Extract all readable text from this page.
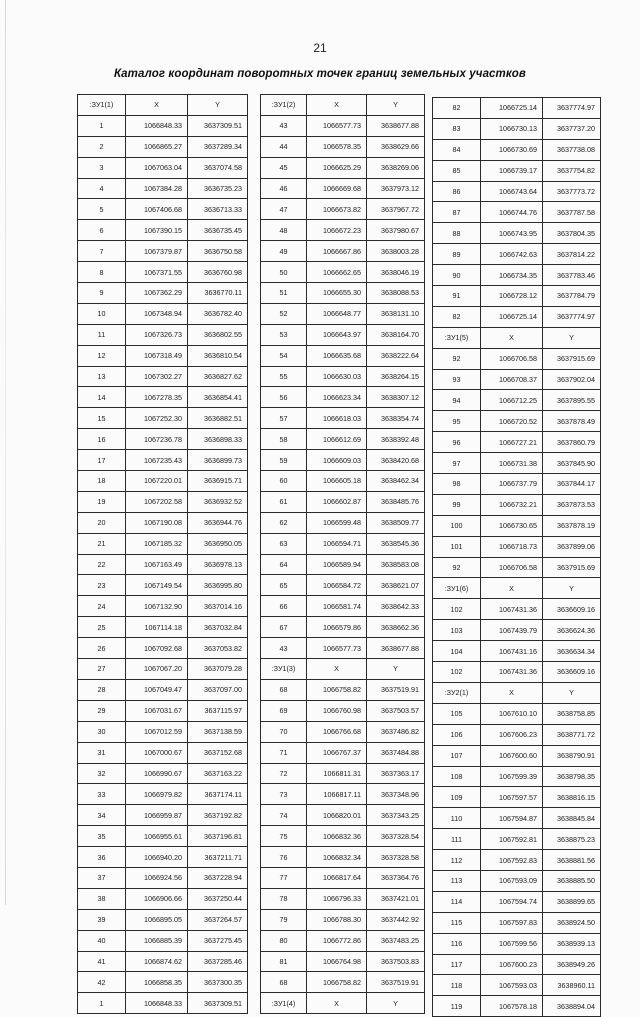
21
Каталог координат поворотных точек границ земельных участков
:ЗУ1(1)	X	Y
1	1066848.33	3637309.51
2	1066865.27	3637289.34
3	1067063.04	3637074.58
4	1067384.28	3636735.23
5	1067406.68	3636713.33
6	1067390.15	3636735.45
7	1067379.87	3636750.58
8	1067371.55	3636760.98
9	1067362.29	3636770.11
10	1067348.94	3636782.40
11	1067326.73	3636802.55
12	1067318.49	3636810.54
13	1067302.27	3636827.62
14	1067278.35	3636854.41
15	1067252.30	3636882.51
16	1067236.78	3636898.33
17	1067235.43	3636899.73
18	1067220.01	3636915.71
19	1067202.58	3636932.52
20	1067190.08	3636944.76
21	1067185.32	3636950.05
22	1067163.49	3636978.13
23	1067149.54	3636995.80
24	1067132.90	3637014.16
25	1067114.18	3637032.84
26	1067092.68	3637053.82
27	1067067.20	3637079.28
28	1067049.47	3637097.00
29	1067031.67	3637115.97
30	1067012.59	3637138.59
31	1067000.67	3637152.68
32	1066990.67	3637163.22
33	1066979.82	3637174.11
34	1066959.87	3637192.82
35	1066955.61	3637196.81
36	1066940.20	3637211.71
37	1066924.56	3637228.94
38	1066906.66	3637250.44
39	1066895.05	3637264.57
40	1066885.39	3637275.45
41	1066874.62	3637285.46
42	1066858.35	3637300.35
1	1066848.33	3637309.51
:ЗУ1(2)	X	Y
43	1066577.73	3638677.88
44	1066578.35	3638629.66
45	1066625.29	3638269.06
46	1066669.68	3637973.12
47	1066673.82	3637967.72
48	1066672.23	3637980.67
49	1066667.86	3638003.28
50	1066662.65	3638046.19
51	1066655.30	3638088.53
52	1066648.77	3638131.10
53	1066643.97	3638164.70
54	1066635.68	3638222.64
55	1066630.03	3638264.15
56	1066623.34	3638307.12
57	1066618.03	3638354.74
58	1066612.69	3638392.48
59	1066609.03	3638420.68
60	1066605.18	3638462.34
61	1066602.87	3638485.76
62	1066599.48	3638509.77
63	1066594.71	3638545.36
64	1066589.94	3638583.08
65	1066584.72	3638621.07
66	1066581.74	3638642.33
67	1066579.86	3638662.36
43	1066577.73	3638677.88
:ЗУ1(3)	X	Y
68	1066758.82	3637519.91
69	1066760.98	3637503.57
70	1066766.68	3637486.82
71	1066767.37	3637484.88
72	1066811.31	3637363.17
73	1066817.11	3637348.96
74	1066820.01	3637343.25
75	1066832.36	3637328.54
76	1066832.34	3637328.58
77	1066817.64	3637364.76
78	1066796.33	3637421.01
79	1066788.30	3637442.92
80	1066772.86	3637483.25
81	1066764.98	3637503.83
68	1066758.82	3637519.91
:ЗУ1(4)	X	Y
82	1066725.14	3637774.97
83	1066730.13	3637737.20
84	1066730.69	3637738.08
85	1066739.17	3637754.82
86	1066743.64	3637773.72
87	1066744.76	3637787.58
88	1066743.95	3637804.35
89	1066742.63	3637814.22
90	1066734.35	3637783.46
91	1066728.12	3637784.79
82	1066725.14	3637774.97
:ЗУ1(5)	X	Y
92	1066706.58	3637915.69
93	1066708.37	3637902.04
94	1066712.25	3637895.55
95	1066720.52	3637878.49
96	1066727.21	3637860.79
97	1066731.38	3637845.90
98	1066737.79	3637844.17
99	1066732.21	3637873.53
100	1066730.65	3637878.19
101	1066718.73	3637899.06
92	1066706.58	3637915.69
:ЗУ1(6)	X	Y
102	1067431.36	3636609.16
103	1067439.79	3636624.36
104	1067431.16	3636634.34
102	1067431.36	3636609.16
:ЗУ2(1)	X	Y
105	1067610.10	3638758.85
106	1067606.23	3638771.72
107	1067600.60	3638790.91
108	1067599.39	3638798.35
109	1067597.57	3638816.15
110	1067594.87	3638845.84
111	1067592.81	3638875.23
112	1067592.83	3638881.56
113	1067593.09	3638885.50
114	1067594.74	3638899.65
115	1067597.83	3638924.50
116	1067599.56	3638939.13
117	1067600.23	3638949.26
118	1067593.03	3638960.11
119	1067578.18	3638894.04
